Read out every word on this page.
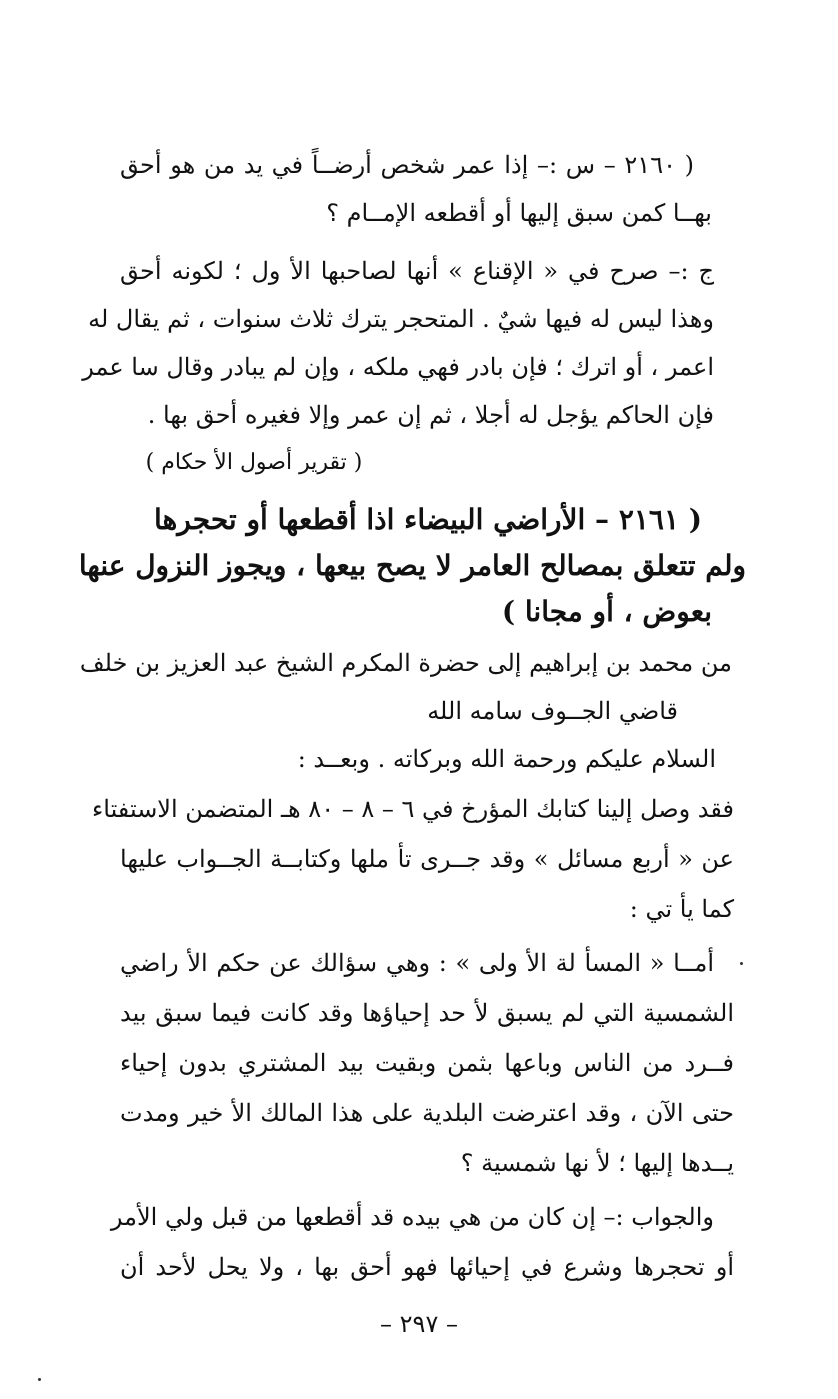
( ٢١٦٠ – س :– إذا عمر شخص أرضــاً في يد من هو أحق
بهــا كمن سبق إليها أو أقطعه الإمــام ؟
ج :– صرح في « الإقناع » أنها لصاحبها الأ ول ؛ لكونه أحق
وهذا ليس له فيها شيٌ . المتحجر يترك ثلاث سنوات ، ثم يقال له
اعمر ، أو اترك ؛ فإن بادر فهي ملكه ، وإن لم يبادر وقال سا عمر
فإن الحاكم يؤجل له أجلا ، ثم إن عمر وإلا فغيره أحق بها .
( تقرير أصول الأ حكام )
( ٢١٦١ – الأراضي البيضاء اذا أقطعها أو تحجرها
ولم تتعلق بمصالح العامر لا يصح بيعها ، ويجوز النزول عنها
بعوض ، أو مجانا )
من محمد بن إبراهيم إلى حضرة المكرم الشيخ عبد العزيز بن خلف
قاضي الجــوف سامه الله
السلام عليكم ورحمة الله وبركاته . وبعــد :
فقد وصل إلينا كتابك المؤرخ في ٦ – ٨ – ٨٠ هـ المتضمن الاستفتاء
عن « أربع مسائل » وقد جــرى تأ ملها وكتابــة الجــواب عليها
كما يأ تي :
أمــا « المسأ لة الأ ولى » : وهي سؤالك عن حكم الأ راضي
الشمسية التي لم يسبق لأ حد إحياؤها وقد كانت فيما سبق بيد
فــرد من الناس وباعها بثمن وبقيت بيد المشتري بدون إحياء
حتى الآن ، وقد اعترضت البلدية على هذا المالك الأ خير ومدت
يــدها إليها ؛ لأ نها شمسية ؟
والجواب :– إن كان من هي بيده قد أقطعها من قبل ولي الأمر
أو تحجرها وشرع في إحيائها فهو أحق بها ، ولا يحل لأحد أن
– ٢٩٧ –
